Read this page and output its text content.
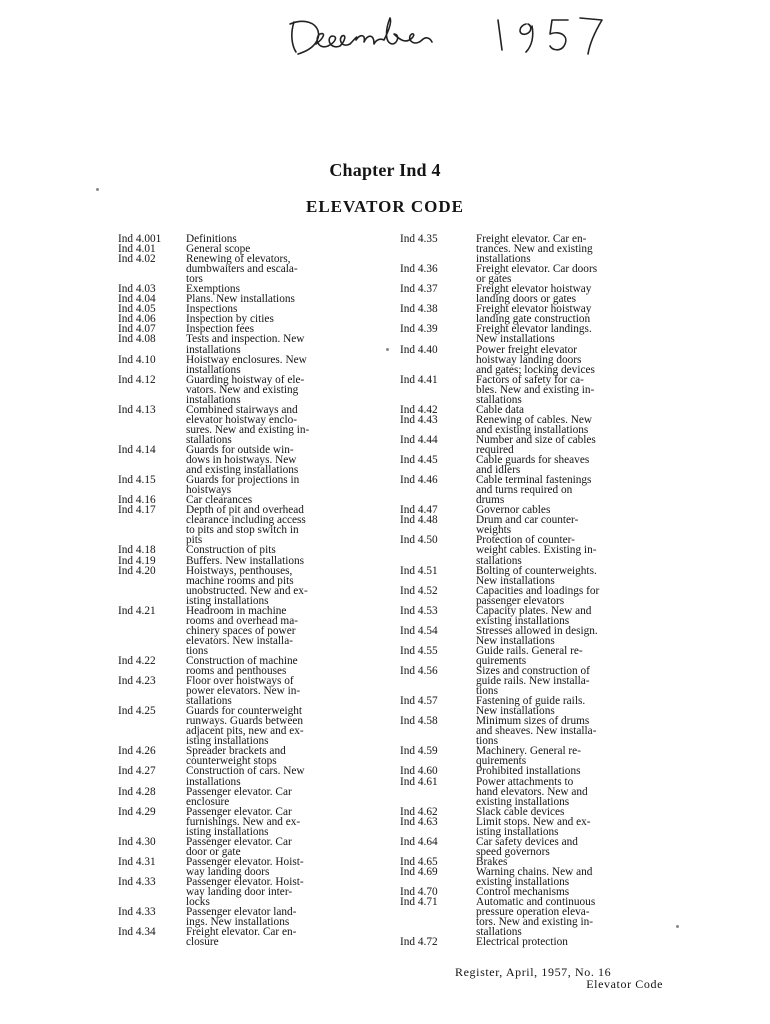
Chapter Ind 4
ELEVATOR CODE
Ind 4.001	Definitions
Ind 4.01	General scope
Ind 4.02	Renewing of elevators,
dumbwaiters and escala-
tors
Ind 4.03	Exemptions
Ind 4.04	Plans. New installations
Ind 4.05	Inspections
Ind 4.06	Inspection by cities
Ind 4.07	Inspection fees
Ind 4.08	Tests and inspection. New
installations
Ind 4.10	Hoistway enclosures. New
installations
Ind 4.12	Guarding hoistway of ele-
vators. New and existing
installations
Ind 4.13	Combined stairways and
elevator hoistway enclo-
sures. New and existing in-
stallations
Ind 4.14	Guards for outside win-
dows in hoistways. New
and existing installations
Ind 4.15	Guards for projections in
hoistways
Ind 4.16	Car clearances
Ind 4.17	Depth of pit and overhead
clearance including access
to pits and stop switch in
pits
Ind 4.18	Construction of pits
Ind 4.19	Buffers. New installations
Ind 4.20	Hoistways, penthouses,
machine rooms and pits
unobstructed. New and ex-
isting installations
Ind 4.21	Headroom in machine
rooms and overhead ma-
chinery spaces of power
elevators. New installa-
tions
Ind 4.22	Construction of machine
rooms and penthouses
Ind 4.23	Floor over hoistways of
power elevators. New in-
stallations
Ind 4.25	Guards for counterweight
runways. Guards between
adjacent pits, new and ex-
isting installations
Ind 4.26	Spreader brackets and
counterweight stops
Ind 4.27	Construction of cars. New
installations
Ind 4.28	Passenger elevator. Car
enclosure
Ind 4.29	Passenger elevator. Car
furnishings. New and ex-
isting installations
Ind 4.30	Passenger elevator. Car
door or gate
Ind 4.31	Passenger elevator. Hoist-
way landing doors
Ind 4.33	Passenger elevator. Hoist-
way landing door inter-
locks
Ind 4.33	Passenger elevator land-
ings. New installations
Ind 4.34	Freight elevator. Car en-
closure
Ind 4.35	Freight elevator. Car en-
trances. New and existing
installations
Ind 4.36	Freight elevator. Car doors
or gates
Ind 4.37	Freight elevator hoistway
landing doors or gates
Ind 4.38	Freight elevator hoistway
landing gate construction
Ind 4.39	Freight elevator landings.
New installations
Ind 4.40	Power freight elevator
hoistway landing doors
and gates; locking devices
Ind 4.41	Factors of safety for ca-
bles. New and existing in-
stallations
Ind 4.42	Cable data
Ind 4.43	Renewing of cables. New
and existing installations
Ind 4.44	Number and size of cables
required
Ind 4.45	Cable guards for sheaves
and idlers
Ind 4.46	Cable terminal fastenings
and turns required on
drums
Ind 4.47	Governor cables
Ind 4.48	Drum and car counter-
weights
Ind 4.50	Protection of counter-
weight cables. Existing in-
stallations
Ind 4.51	Bolting of counterweights.
New installations
Ind 4.52	Capacities and loadings for
passenger elevators
Ind 4.53	Capacity plates. New and
existing installations
Ind 4.54	Stresses allowed in design.
New installations
Ind 4.55	Guide rails. General re-
quirements
Ind 4.56	Sizes and construction of
guide rails. New installa-
tions
Ind 4.57	Fastening of guide rails.
New installations
Ind 4.58	Minimum sizes of drums
and sheaves. New installa-
tions
Ind 4.59	Machinery. General re-
quirements
Ind 4.60	Prohibited installations
Ind 4.61	Power attachments to
hand elevators. New and
existing installations
Ind 4.62	Slack cable devices
Ind 4.63	Limit stops. New and ex-
isting installations
Ind 4.64	Car safety devices and
speed governors
Ind 4.65	Brakes
Ind 4.69	Warning chains. New and
existing installations
Ind 4.70	Control mechanisms
Ind 4.71	Automatic and continuous
pressure operation eleva-
tors. New and existing in-
stallations
Ind 4.72	Electrical protection
Register, April, 1957, No. 16
Elevator Code
